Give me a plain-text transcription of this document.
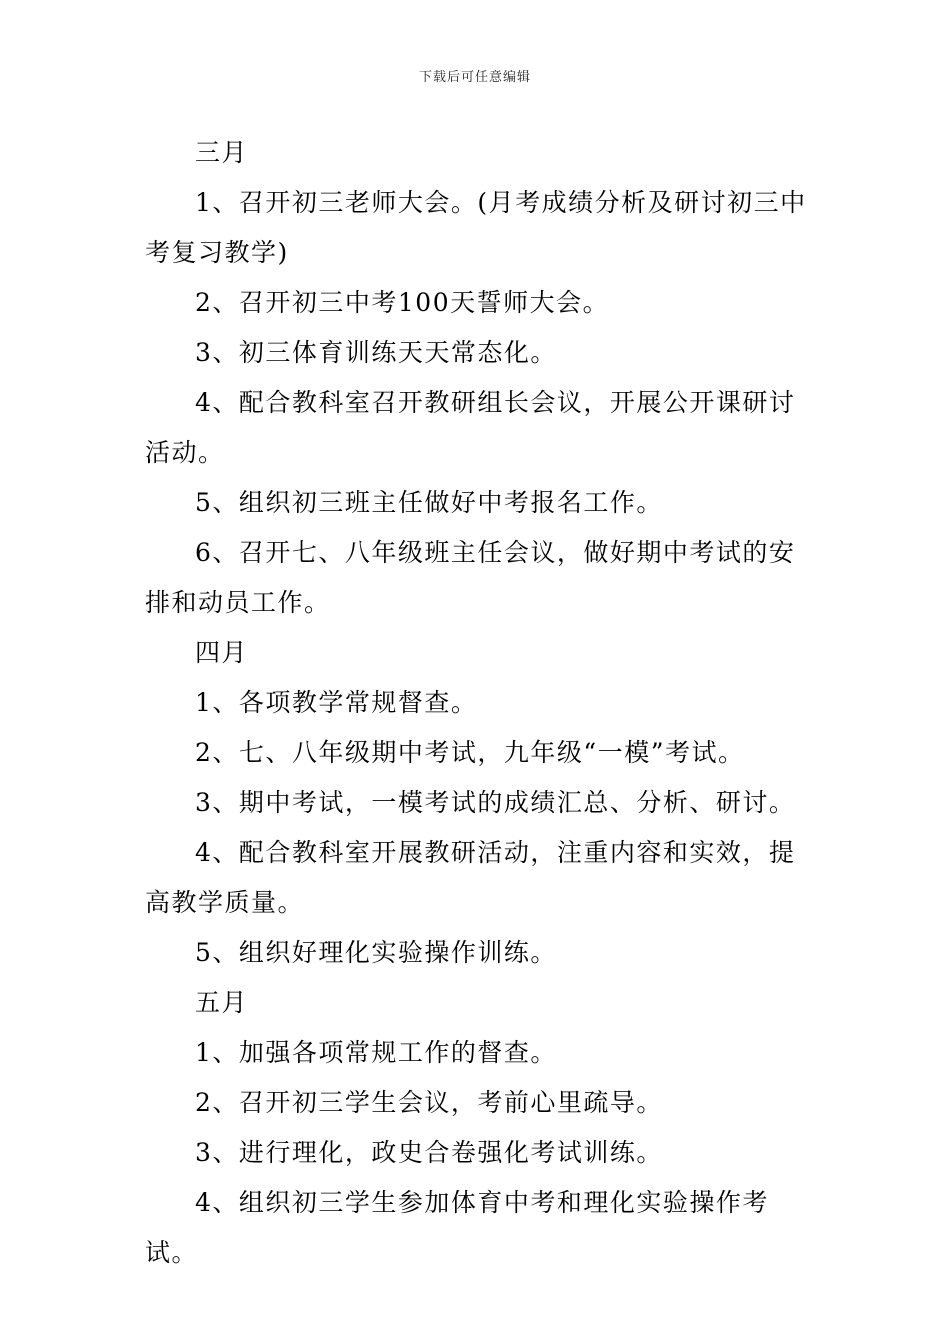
下载后可任意编辑

三月

1、召开初三老师大会。(月考成绩分析及研讨初三中考复习教学)

2、召开初三中考100天誓师大会。

3、初三体育训练天天常态化。

4、配合教科室召开教研组长会议，开展公开课研讨活动。

5、组织初三班主任做好中考报名工作。

6、召开七、八年级班主任会议，做好期中考试的安排和动员工作。

四月

1、各项教学常规督查。

2、七、八年级期中考试，九年级“一模”考试。

3、期中考试，一模考试的成绩汇总、分析、研讨。

4、配合教科室开展教研活动，注重内容和实效，提高教学质量。

5、组织好理化实验操作训练。

五月

1、加强各项常规工作的督查。

2、召开初三学生会议，考前心里疏导。

3、进行理化，政史合卷强化考试训练。

4、组织初三学生参加体育中考和理化实验操作考试。
